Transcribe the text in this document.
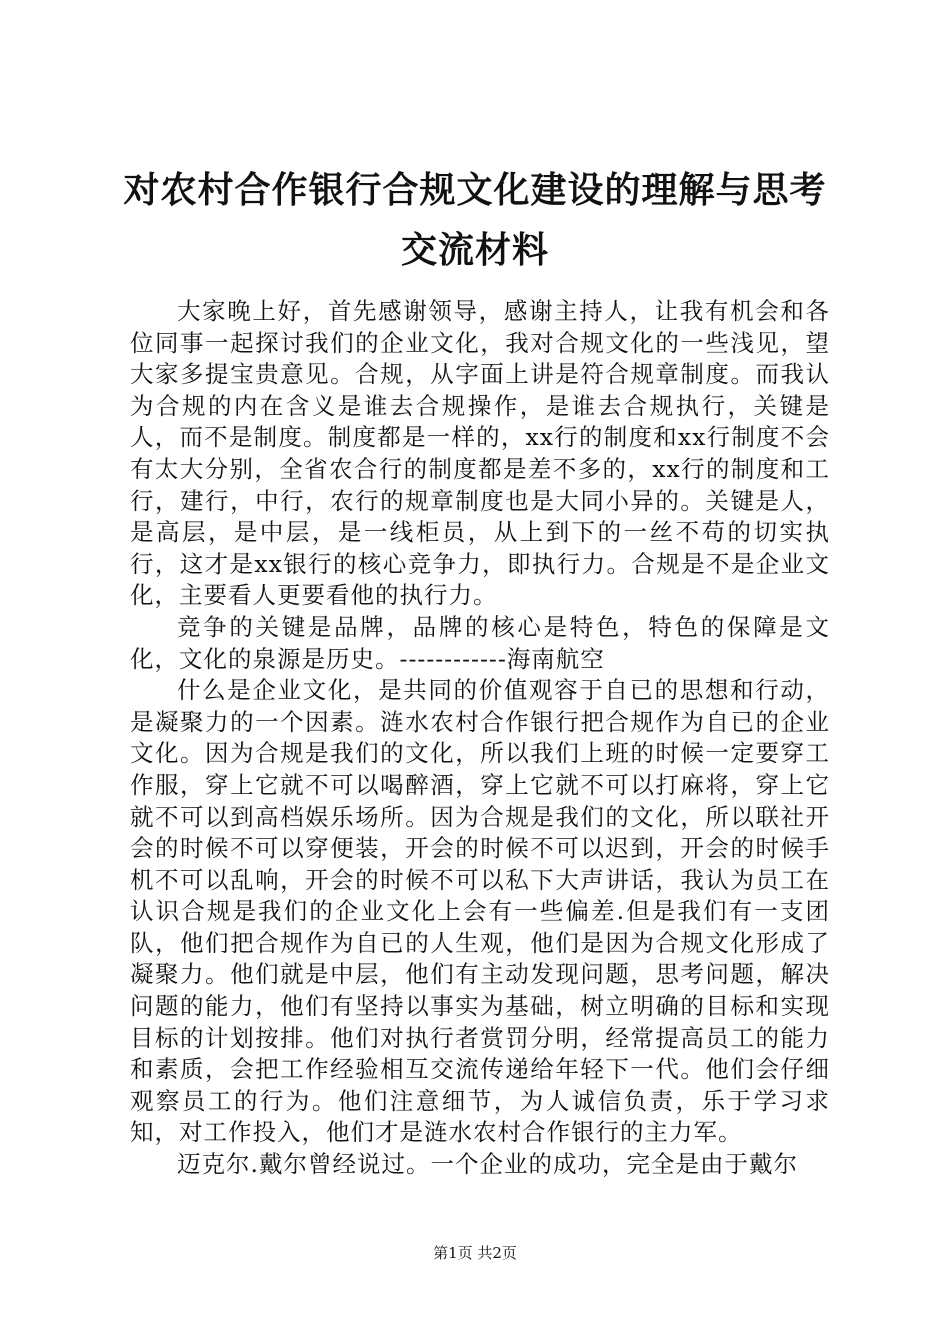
对农村合作银行合规文化建设的理解与思考交流材料

大家晚上好，首先感谢领导，感谢主持人，让我有机会和各位同事一起探讨我们的企业文化，我对合规文化的一些浅见，望大家多提宝贵意见。合规，从字面上讲是符合规章制度。而我认为合规的内在含义是谁去合规操作，是谁去合规执行，关键是人，而不是制度。制度都是一样的，xx行的制度和xx行制度不会有太大分别，全省农合行的制度都是差不多的，xx行的制度和工行，建行，中行，农行的规章制度也是大同小异的。关键是人，是高层，是中层，是一线柜员，从上到下的一丝不苟的切实执行，这才是xx银行的核心竞争力，即执行力。合规是不是企业文化，主要看人更要看他的执行力。

竞争的关键是品牌，品牌的核心是特色，特色的保障是文化，文化的泉源是历史。------------海南航空

什么是企业文化，是共同的价值观容于自已的思想和行动，是凝聚力的一个因素。涟水农村合作银行把合规作为自已的企业文化。因为合规是我们的文化，所以我们上班的时候一定要穿工作服，穿上它就不可以喝醉酒，穿上它就不可以打麻将，穿上它就不可以到高档娱乐场所。因为合规是我们的文化，所以联社开会的时候不可以穿便装，开会的时候不可以迟到，开会的时候手机不可以乱响，开会的时候不可以私下大声讲话，我认为员工在认识合规是我们的企业文化上会有一些偏差.但是我们有一支团队，他们把合规作为自已的人生观，他们是因为合规文化形成了凝聚力。他们就是中层，他们有主动发现问题，思考问题，解决问题的能力，他们有坚持以事实为基础，树立明确的目标和实现目标的计划按排。他们对执行者赏罚分明，经常提高员工的能力和素质，会把工作经验相互交流传递给年轻下一代。他们会仔细观察员工的行为。他们注意细节，为人诚信负责，乐于学习求知，对工作投入，他们才是涟水农村合作银行的主力军。

迈克尔.戴尔曾经说过。一个企业的成功，完全是由于戴尔

第1页 共2页
